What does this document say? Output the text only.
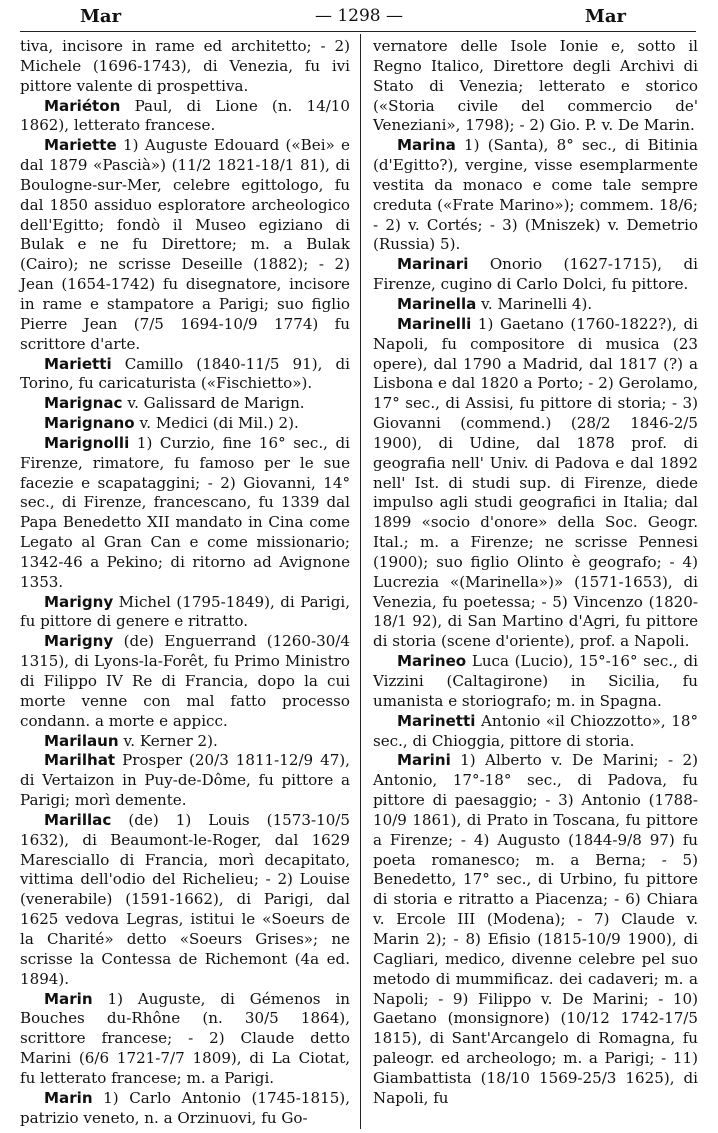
Mar	— 1298 —	Mar

tiva, incisore in rame ed architetto; - 2) Michele (1696-1743), di Venezia, fu ivi pittore valente di prospettiva.

Mariéton Paul, di Lione (n. 14/10 1862), letterato francese.

Mariette 1) Auguste Edouard («Bei» e dal 1879 «Pascià») (11/2 1821-18/1 81), di Boulogne-sur-Mer, celebre egittologo, fu dal 1850 assiduo esploratore archeologico dell'Egitto; fondò il Museo egiziano di Bulak e ne fu Direttore; m. a Bulak (Cairo); ne scrisse Deseille (1882); - 2) Jean (1654-1742) fu disegnatore, incisore in rame e stampatore a Parigi; suo figlio Pierre Jean (7/5 1694-10/9 1774) fu scrittore d'arte.

Marietti Camillo (1840-11/5 91), di Torino, fu caricaturista («Fischietto»).

Marignac v. Galissard de Marign.

Marignano v. Medici (di Mil.) 2).

Marignolli 1) Curzio, fine 16° sec., di Firenze, rimatore, fu famoso per le sue facezie e scapataggini; - 2) Giovanni, 14° sec., di Firenze, francescano, fu 1339 dal Papa Benedetto XII mandato in Cina come Legato al Gran Can e come missionario; 1342-46 a Pekino; di ritorno ad Avignone 1353.

Marigny Michel (1795-1849), di Parigi, fu pittore di genere e ritratto.

Marigny (de) Enguerrand (1260-30/4 1315), di Lyons-la-Forêt, fu Primo Ministro di Filippo IV Re di Francia, dopo la cui morte venne con mal fatto processo condann. a morte e appicc.

Marilaun v. Kerner 2).

Marilhat Prosper (20/3 1811-12/9 47), di Vertaizon in Puy-de-Dôme, fu pittore a Parigi; morì demente.

Marillac (de) 1) Louis (1573-10/5 1632), di Beaumont-le-Roger, dal 1629 Maresciallo di Francia, morì decapitato, vittima dell'odio del Richelieu; - 2) Louise (venerabile) (1591-1662), di Parigi, dal 1625 vedova Legras, istitui le «Soeurs de la Charité» detto «Soeurs Grises»; ne scrisse la Contessa de Richemont (4a ed. 1894).

Marin 1) Auguste, di Gémenos in Bouches du-Rhône (n. 30/5 1864), scrittore francese; - 2) Claude detto Marini (6/6 1721-7/7 1809), di La Ciotat, fu letterato francese; m. a Parigi.

Marin 1) Carlo Antonio (1745-1815), patrizio veneto, n. a Orzinuovi, fu Go-

vernatore delle Isole Ionie e, sotto il Regno Italico, Direttore degli Archivi di Stato di Venezia; letterato e storico («Storia civile del commercio de' Veneziani», 1798); - 2) Gio. P. v. De Marin.

Marina 1) (Santa), 8° sec., di Bitinia (d'Egitto?), vergine, visse esemplarmente vestita da monaco e come tale sempre creduta («Frate Marino»); commem. 18/6; - 2) v. Cortés; - 3) (Mniszek) v. Demetrio (Russia) 5).

Marinari Onorio (1627-1715), di Firenze, cugino di Carlo Dolci, fu pittore.

Marinella v. Marinelli 4).

Marinelli 1) Gaetano (1760-1822?), di Napoli, fu compositore di musica (23 opere), dal 1790 a Madrid, dal 1817 (?) a Lisbona e dal 1820 a Porto; - 2) Gerolamo, 17° sec., di Assisi, fu pittore di storia; - 3) Giovanni (commend.) (28/2 1846-2/5 1900), di Udine, dal 1878 prof. di geografia nell' Univ. di Padova e dal 1892 nell' Ist. di studi sup. di Firenze, diede impulso agli studi geografici in Italia; dal 1899 «socio d'onore» della Soc. Geogr. Ital.; m. a Firenze; ne scrisse Pennesi (1900); suo figlio Olinto è geografo; - 4) Lucrezia «(Marinella»)» (1571-1653), di Venezia, fu poetessa; - 5) Vincenzo (1820-18/1 92), di San Martino d'Agri, fu pittore di storia (scene d'oriente), prof. a Napoli.

Marineo Luca (Lucio), 15°-16° sec., di Vizzini (Caltagirone) in Sicilia, fu umanista e storiografo; m. in Spagna.

Marinetti Antonio «il Chiozzotto», 18° sec., di Chioggia, pittore di storia.

Marini 1) Alberto v. De Marini; - 2) Antonio, 17°-18° sec., di Padova, fu pittore di paesaggio; - 3) Antonio (1788-10/9 1861), di Prato in Toscana, fu pittore a Firenze; - 4) Augusto (1844-9/8 97) fu poeta romanesco; m. a Berna; - 5) Benedetto, 17° sec., di Urbino, fu pittore di storia e ritratto a Piacenza; - 6) Chiara v. Ercole III (Modena); - 7) Claude v. Marin 2); - 8) Efisio (1815-10/9 1900), di Cagliari, medico, divenne celebre pel suo metodo di mummificaz. dei cadaveri; m. a Napoli; - 9) Filippo v. De Marini; - 10) Gaetano (monsignore) (10/12 1742-17/5 1815), di Sant'Arcangelo di Romagna, fu paleogr. ed archeologo; m. a Parigi; - 11) Giambattista (18/10 1569-25/3 1625), di Napoli, fu
